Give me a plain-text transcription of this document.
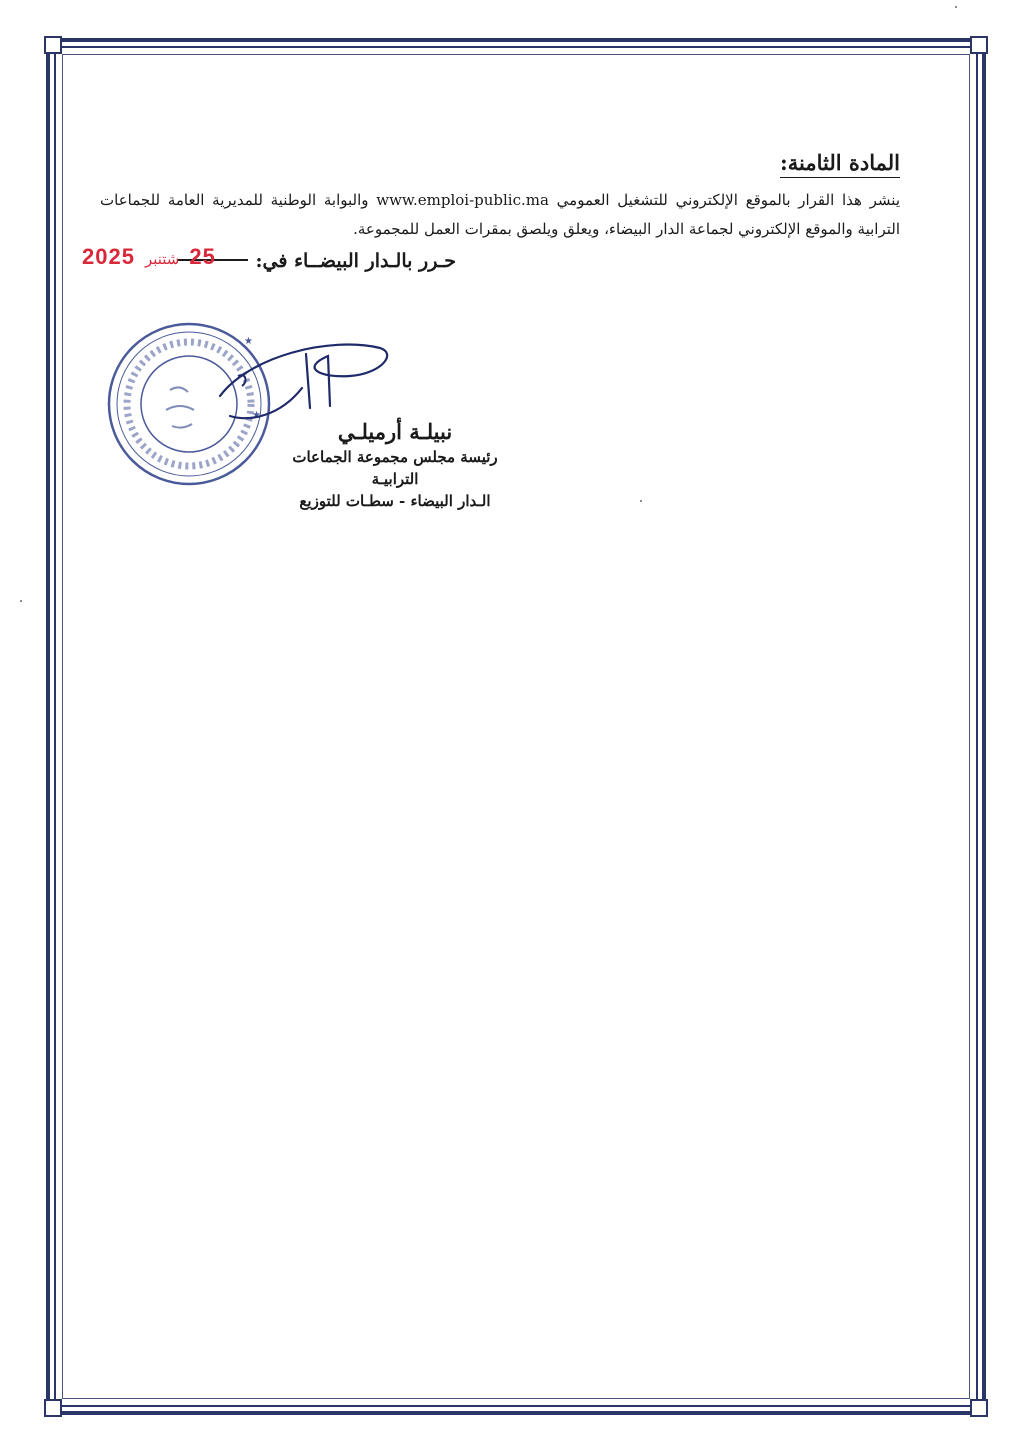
المادة الثامنة:
ينشر هذا القرار بالموقع الإلكتروني للتشغيل العمومي www.emploi-public.ma والبوابة الوطنية للمديرية العامة للجماعات الترابية والموقع الإلكتروني لجماعة الدار البيضاء، ويعلق ويلصق بمقرات العمل للمجموعة.
حـرر بالـدار البيضــاء في:
2025 شتنبر 25
★
★

نبيلـة أرميلـي

رئيسة مجلس مجموعة الجماعات

الترابيـة

الـدار البيضاء - سطـات للتوزيع
